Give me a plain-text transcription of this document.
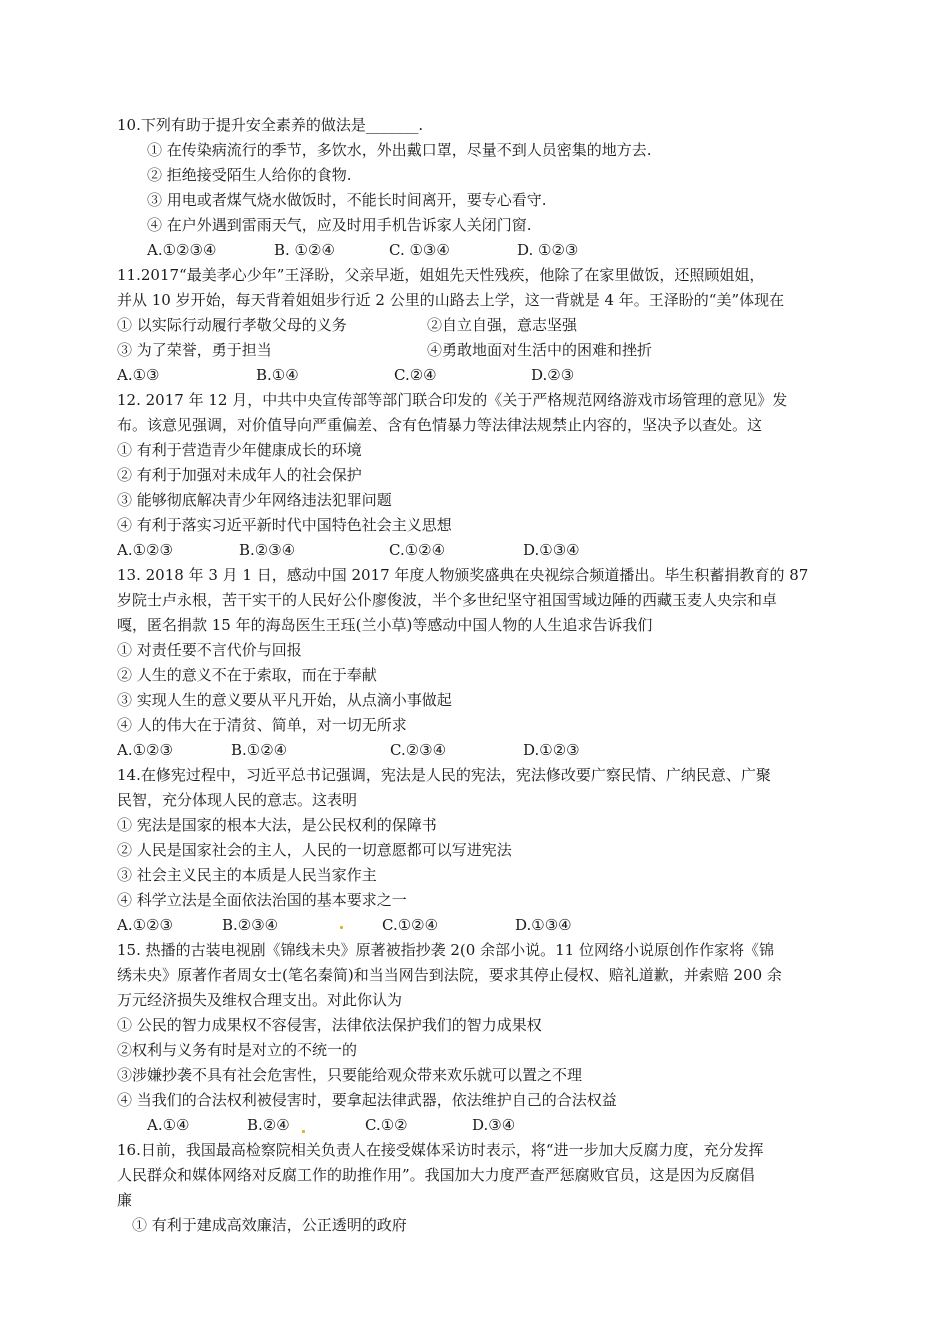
10.下列有助于提升安全素养的做法是_______.
① 在传染病流行的季节，多饮水，外出戴口罩，尽量不到人员密集的地方去.
② 拒绝接受陌生人给你的食物.
③ 用电或者煤气烧水做饭时，不能长时间离开，要专心看守.
④ 在户外遇到雷雨天气，应及时用手机告诉家人关闭门窗.
A.①②③④	B. ①②④	C. ①③④	D. ①②③
11.2017“最美孝心少年”王泽盼，父亲早逝，姐姐先天性残疾，他除了在家里做饭，还照顾姐姐，
并从 10 岁开始，每天背着姐姐步行近 2 公里的山路去上学，这一背就是 4 年。王泽盼的“美”体现在
① 以实际行动履行孝敬父母的义务	②自立自强，意志坚强
③ 为了荣誉，勇于担当	④勇敢地面对生活中的困难和挫折
A.①③	B.①④	C.②④	D.②③
12. 2017 年 12 月，中共中央宣传部等部门联合印发的《关于严格规范网络游戏市场管理的意见》发
布。该意见强调，对价值导向严重偏差、含有色情暴力等法律法规禁止内容的，坚决予以查处。这
① 有利于营造青少年健康成长的环境
② 有利于加强对未成年人的社会保护
③ 能够彻底解决青少年网络违法犯罪问题
④ 有利于落实习近平新时代中国特色社会主义思想
A.①②③	B.②③④	C.①②④	D.①③④
13. 2018 年 3 月 1 日，感动中国 2017 年度人物颁奖盛典在央视综合频道播出。毕生积蓄捐教育的 87
岁院士卢永根，苦干实干的人民好公仆廖俊波，半个多世纪坚守祖国雪域边陲的西藏玉麦人央宗和卓
嘎，匿名捐款 15 年的海岛医生王珏(兰小草)等感动中国人物的人生追求告诉我们
① 对责任要不言代价与回报
② 人生的意义不在于索取，而在于奉献
③ 实现人生的意义要从平凡开始，从点滴小事做起
④ 人的伟大在于清贫、简单，对一切无所求
A.①②③	B.①②④	C.②③④	D.①②③
14.在修宪过程中，习近平总书记强调，宪法是人民的宪法，宪法修改要广察民情、广纳民意、广聚
民智，充分体现人民的意志。这表明
① 宪法是国家的根本大法，是公民权利的保障书
② 人民是国家社会的主人，人民的一切意愿都可以写进宪法
③ 社会主义民主的本质是人民当家作主
④ 科学立法是全面依法治国的基本要求之一
A.①②③	B.②③④	C.①②④	D.①③④
15. 热播的古装电视剧《锦线未央》原著被指抄袭 2(0 余部小说。11 位网络小说原创作作家将《锦
绣未央》原著作者周女士(笔名秦简)和当当网告到法院，要求其停止侵权、赔礼道歉，并索赔 200 余
万元经济损失及维权合理支出。对此你认为
① 公民的智力成果权不容侵害，法律依法保护我们的智力成果权
②权利与义务有时是对立的不统一的
③涉嫌抄袭不具有社会危害性，只要能给观众带来欢乐就可以置之不理
④ 当我们的合法权利被侵害时，要拿起法律武器，依法维护自己的合法权益
A.①④	B.②④	C.①②	D.③④
16.日前，我国最高检察院相关负责人在接受媒体采访时表示，将“进一步加大反腐力度，充分发挥
人民群众和媒体网络对反腐工作的助推作用”。我国加大力度严查严惩腐败官员，这是因为反腐倡
廉
① 有利于建成高效廉洁，公正透明的政府
